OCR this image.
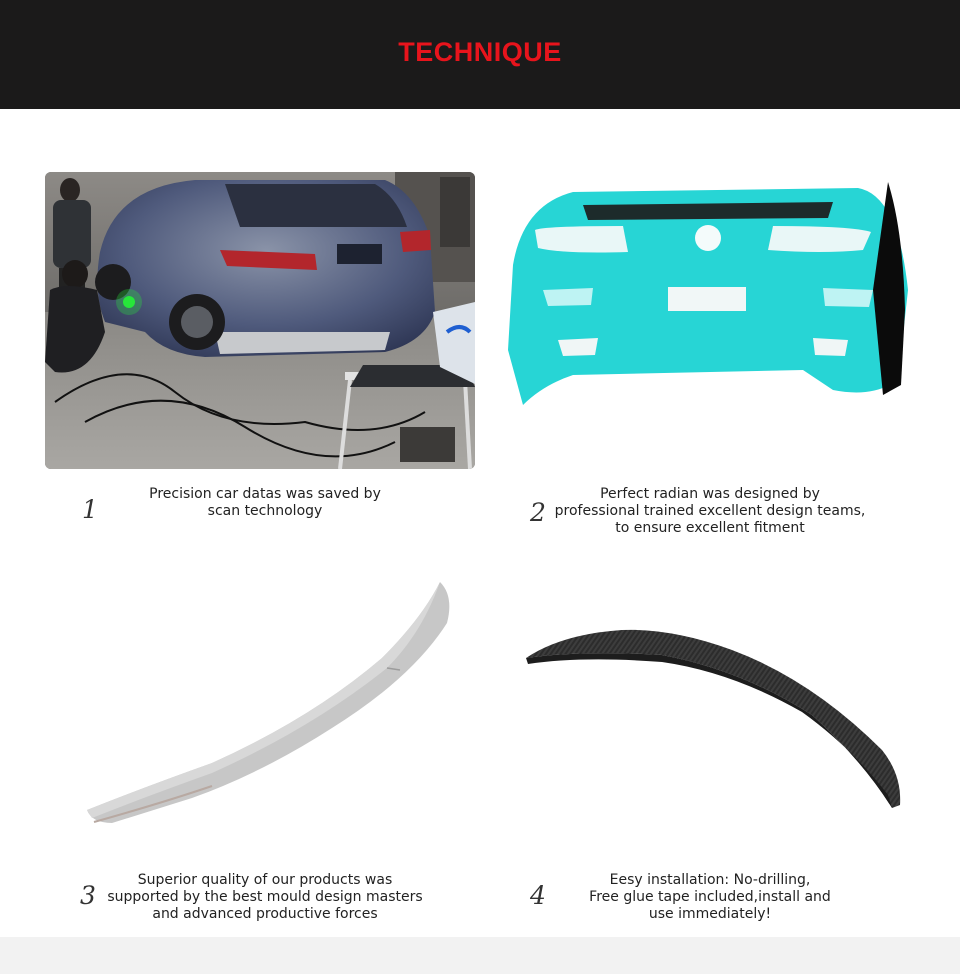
TECHNIQUE
1
Precision car datas was saved by
scan technology	2
Perfect radian was designed by
professional trained excellent design teams,
to ensure excellent fitment
3
Superior quality of our products was
supported by the best mould design masters
and advanced productive forces
4
Eesy installation: No-drilling,
Free glue tape included,install and
use immediately!
